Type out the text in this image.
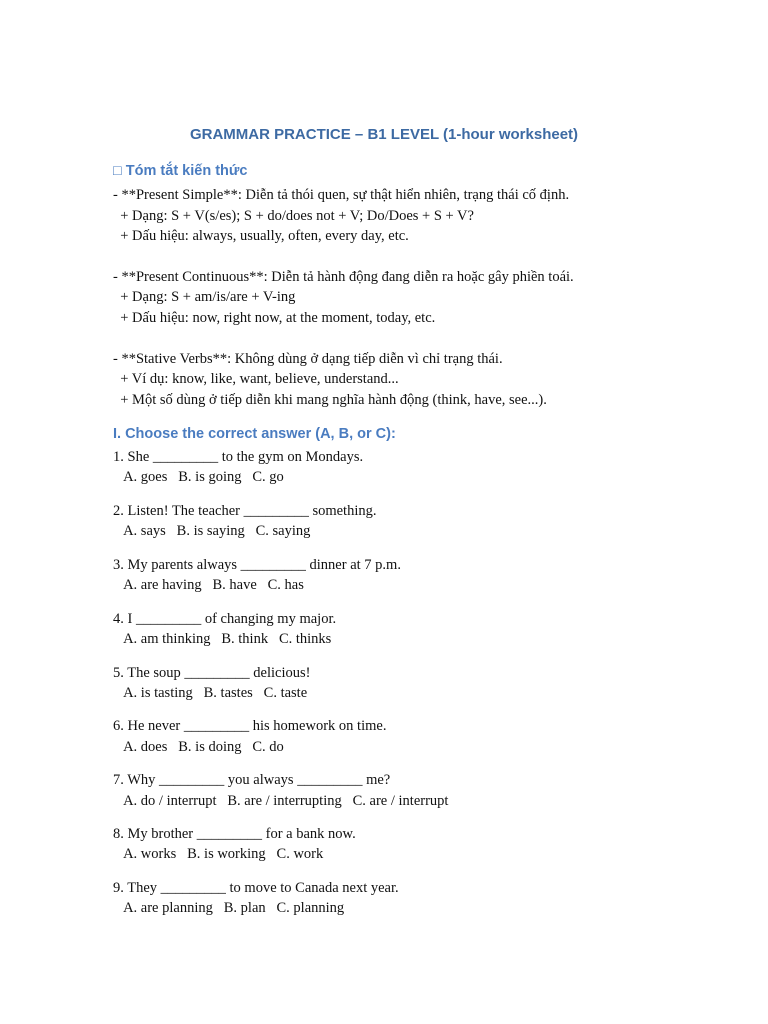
GRAMMAR PRACTICE – B1 LEVEL (1-hour worksheet)
□ Tóm tắt kiến thức
- **Present Simple**: Diễn tả thói quen, sự thật hiển nhiên, trạng thái cố định.
+ Dạng: S + V(s/es); S + do/does not + V; Do/Does + S + V?
+ Dấu hiệu: always, usually, often, every day, etc.
- **Present Continuous**: Diễn tả hành động đang diễn ra hoặc gây phiền toái.
+ Dạng: S + am/is/are + V-ing
+ Dấu hiệu: now, right now, at the moment, today, etc.
- **Stative Verbs**: Không dùng ở dạng tiếp diễn vì chỉ trạng thái.
+ Ví dụ: know, like, want, believe, understand...
+ Một số dùng ở tiếp diễn khi mang nghĩa hành động (think, have, see...).
I. Choose the correct answer (A, B, or C):
1. She _________ to the gym on Mondays.
A. goes   B. is going   C. go
2. Listen! The teacher _________ something.
A. says   B. is saying   C. saying
3. My parents always _________ dinner at 7 p.m.
A. are having   B. have   C. has
4. I _________ of changing my major.
A. am thinking   B. think   C. thinks
5. The soup _________ delicious!
A. is tasting   B. tastes   C. taste
6. He never _________ his homework on time.
A. does   B. is doing   C. do
7. Why _________ you always _________ me?
A. do / interrupt   B. are / interrupting   C. are / interrupt
8. My brother _________ for a bank now.
A. works   B. is working   C. work
9. They _________ to move to Canada next year.
A. are planning   B. plan   C. planning
